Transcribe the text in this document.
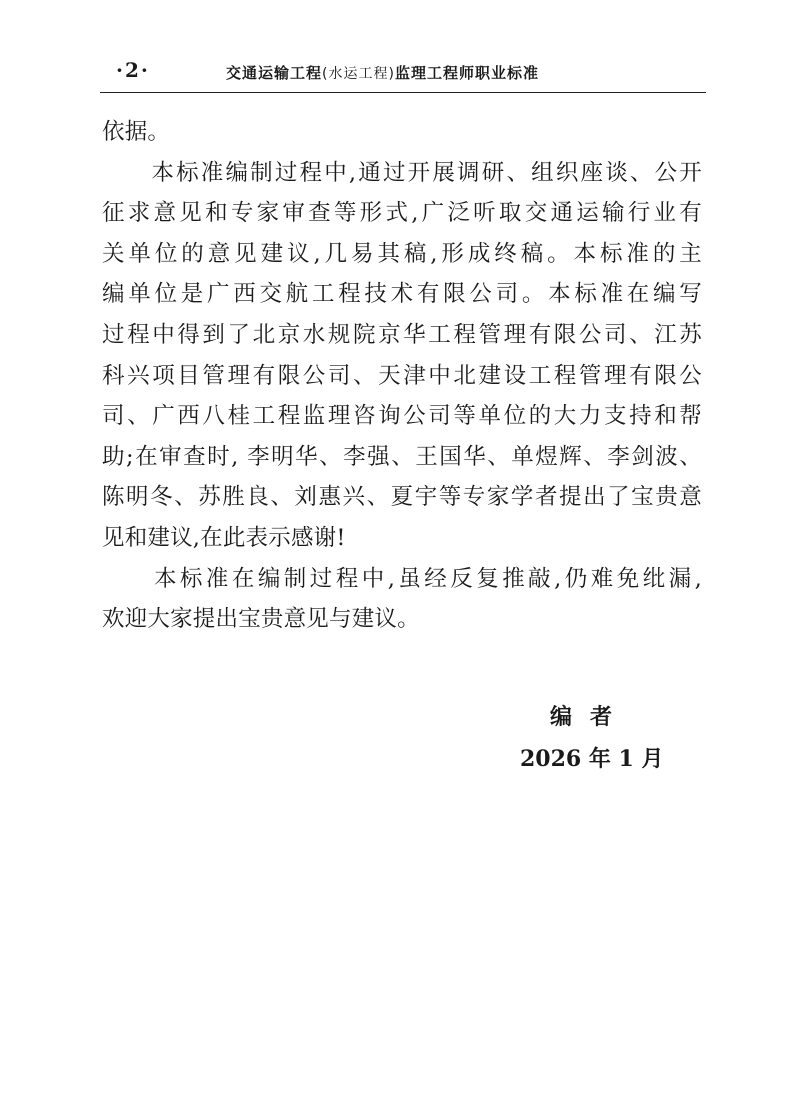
·2·	交通运输工程(水运工程)监理工程师职业标准
依据。
　　本标准编制过程中,通过开展调研、组织座谈、公开
征求意见和专家审查等形式,广泛听取交通运输行业有
关单位的意见建议,几易其稿,形成终稿。本标准的主
编单位是广西交航工程技术有限公司。本标准在编写
过程中得到了北京水规院京华工程管理有限公司、江苏
科兴项目管理有限公司、天津中北建设工程管理有限公
司、广西八桂工程监理咨询公司等单位的大力支持和帮
助;在审查时, 李明华、李强、王国华、单煜辉、李剑波、
陈明冬、苏胜良、刘惠兴、夏宇等专家学者提出了宝贵意
见和建议,在此表示感谢!
　　本标准在编制过程中,虽经反复推敲,仍难免纰漏,
欢迎大家提出宝贵意见与建议。
编者
2026 年 1 月
